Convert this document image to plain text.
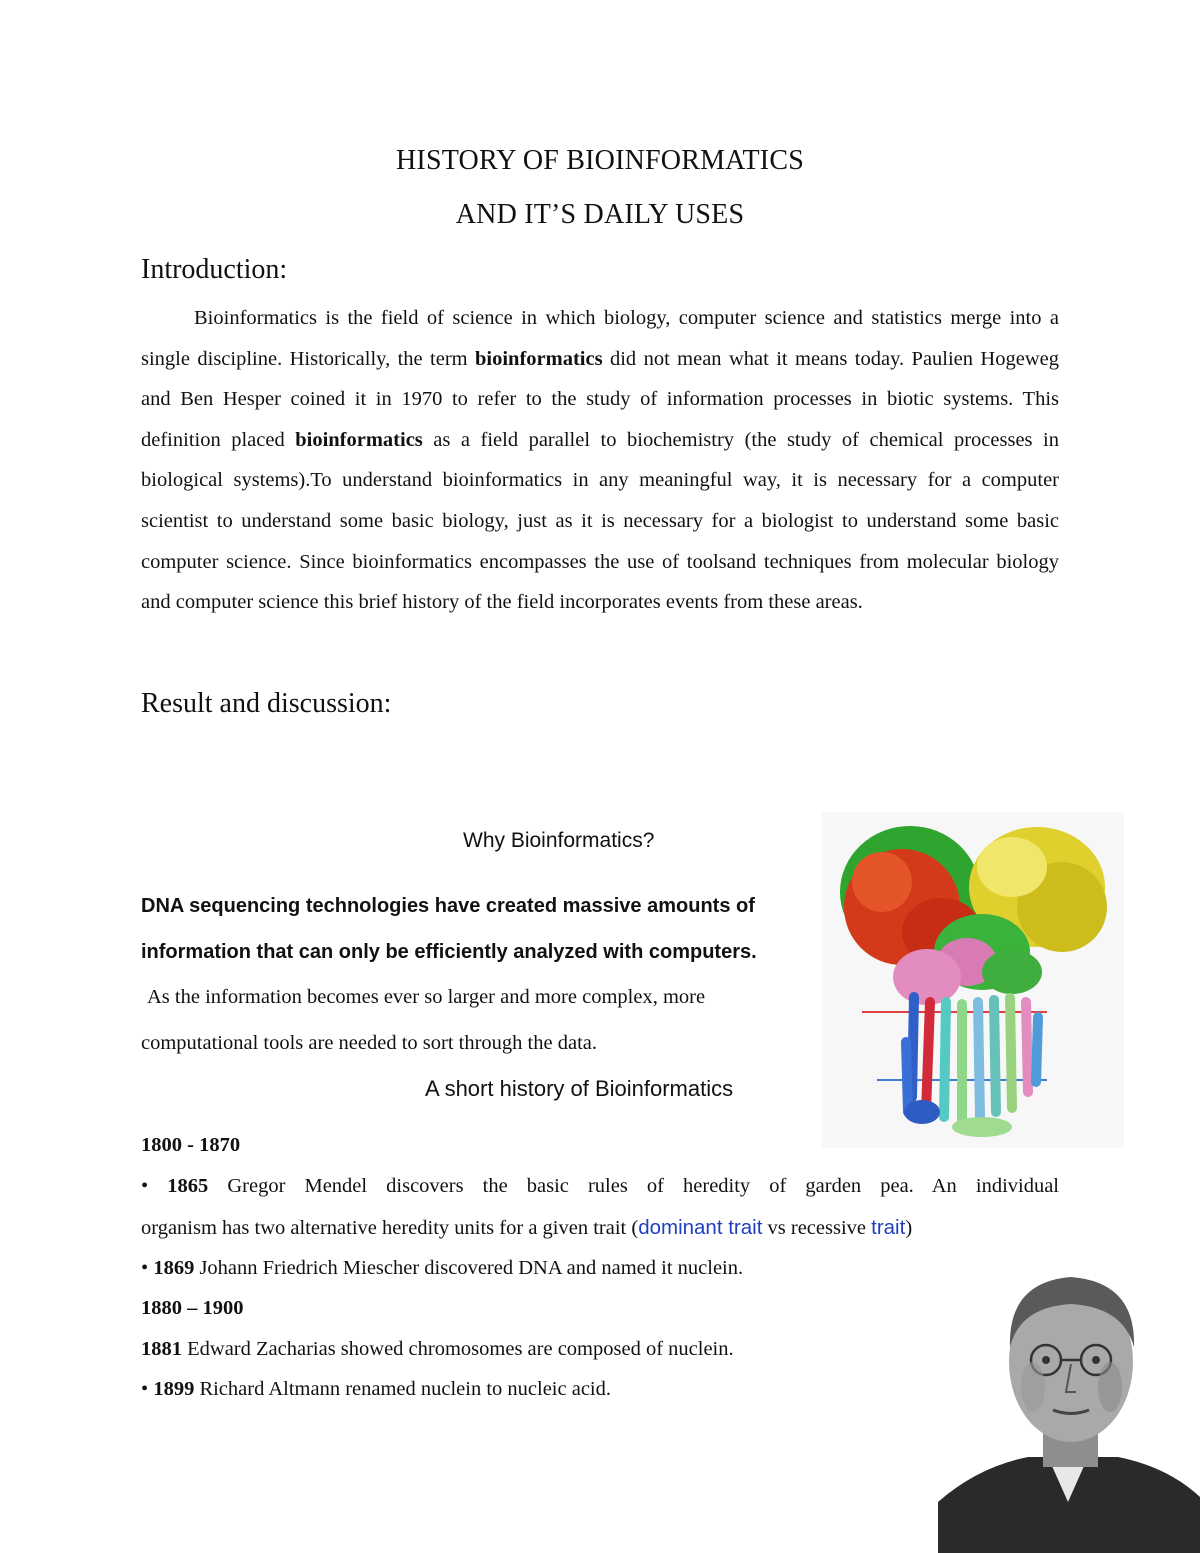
HISTORY OF BIOINFORMATICS
AND IT’S DAILY USES
Introduction:

Bioinformatics is the field of science in which biology, computer science and statistics merge into a single discipline. Historically, the term bioinformatics did not mean what it means today. Paulien Hogeweg and Ben Hesper coined it in 1970 to refer to the study of information processes in biotic systems. This definition placed bioinformatics as a field parallel to biochemistry (the study of chemical processes in biological systems).To understand bioinformatics in any meaningful way, it is necessary for a computer scientist to understand some basic biology, just as it is necessary for a biologist to understand some basic computer science. Since bioinformatics encompasses the use of toolsand techniques from molecular biology and computer science this brief history of the field incorporates events from these areas.

Result and discussion:
Why Bioinformatics?
DNA sequencing technologies have created massive amounts of
information that can only be efficiently analyzed with computers.
As the information becomes ever so larger and more complex, more
computational tools are needed to sort through the data.
A short history of Bioinformatics
1800 - 1870
• 1865 Gregor Mendel discovers the basic rules of heredity of garden pea. An individual
organism has two alternative heredity units for a given trait (dominant trait vs recessive trait)
• 1869 Johann Friedrich Miescher discovered DNA and named it nuclein.
1880 – 1900
1881 Edward Zacharias showed chromosomes are composed of nuclein.
• 1899 Richard Altmann renamed nuclein to nucleic acid.
